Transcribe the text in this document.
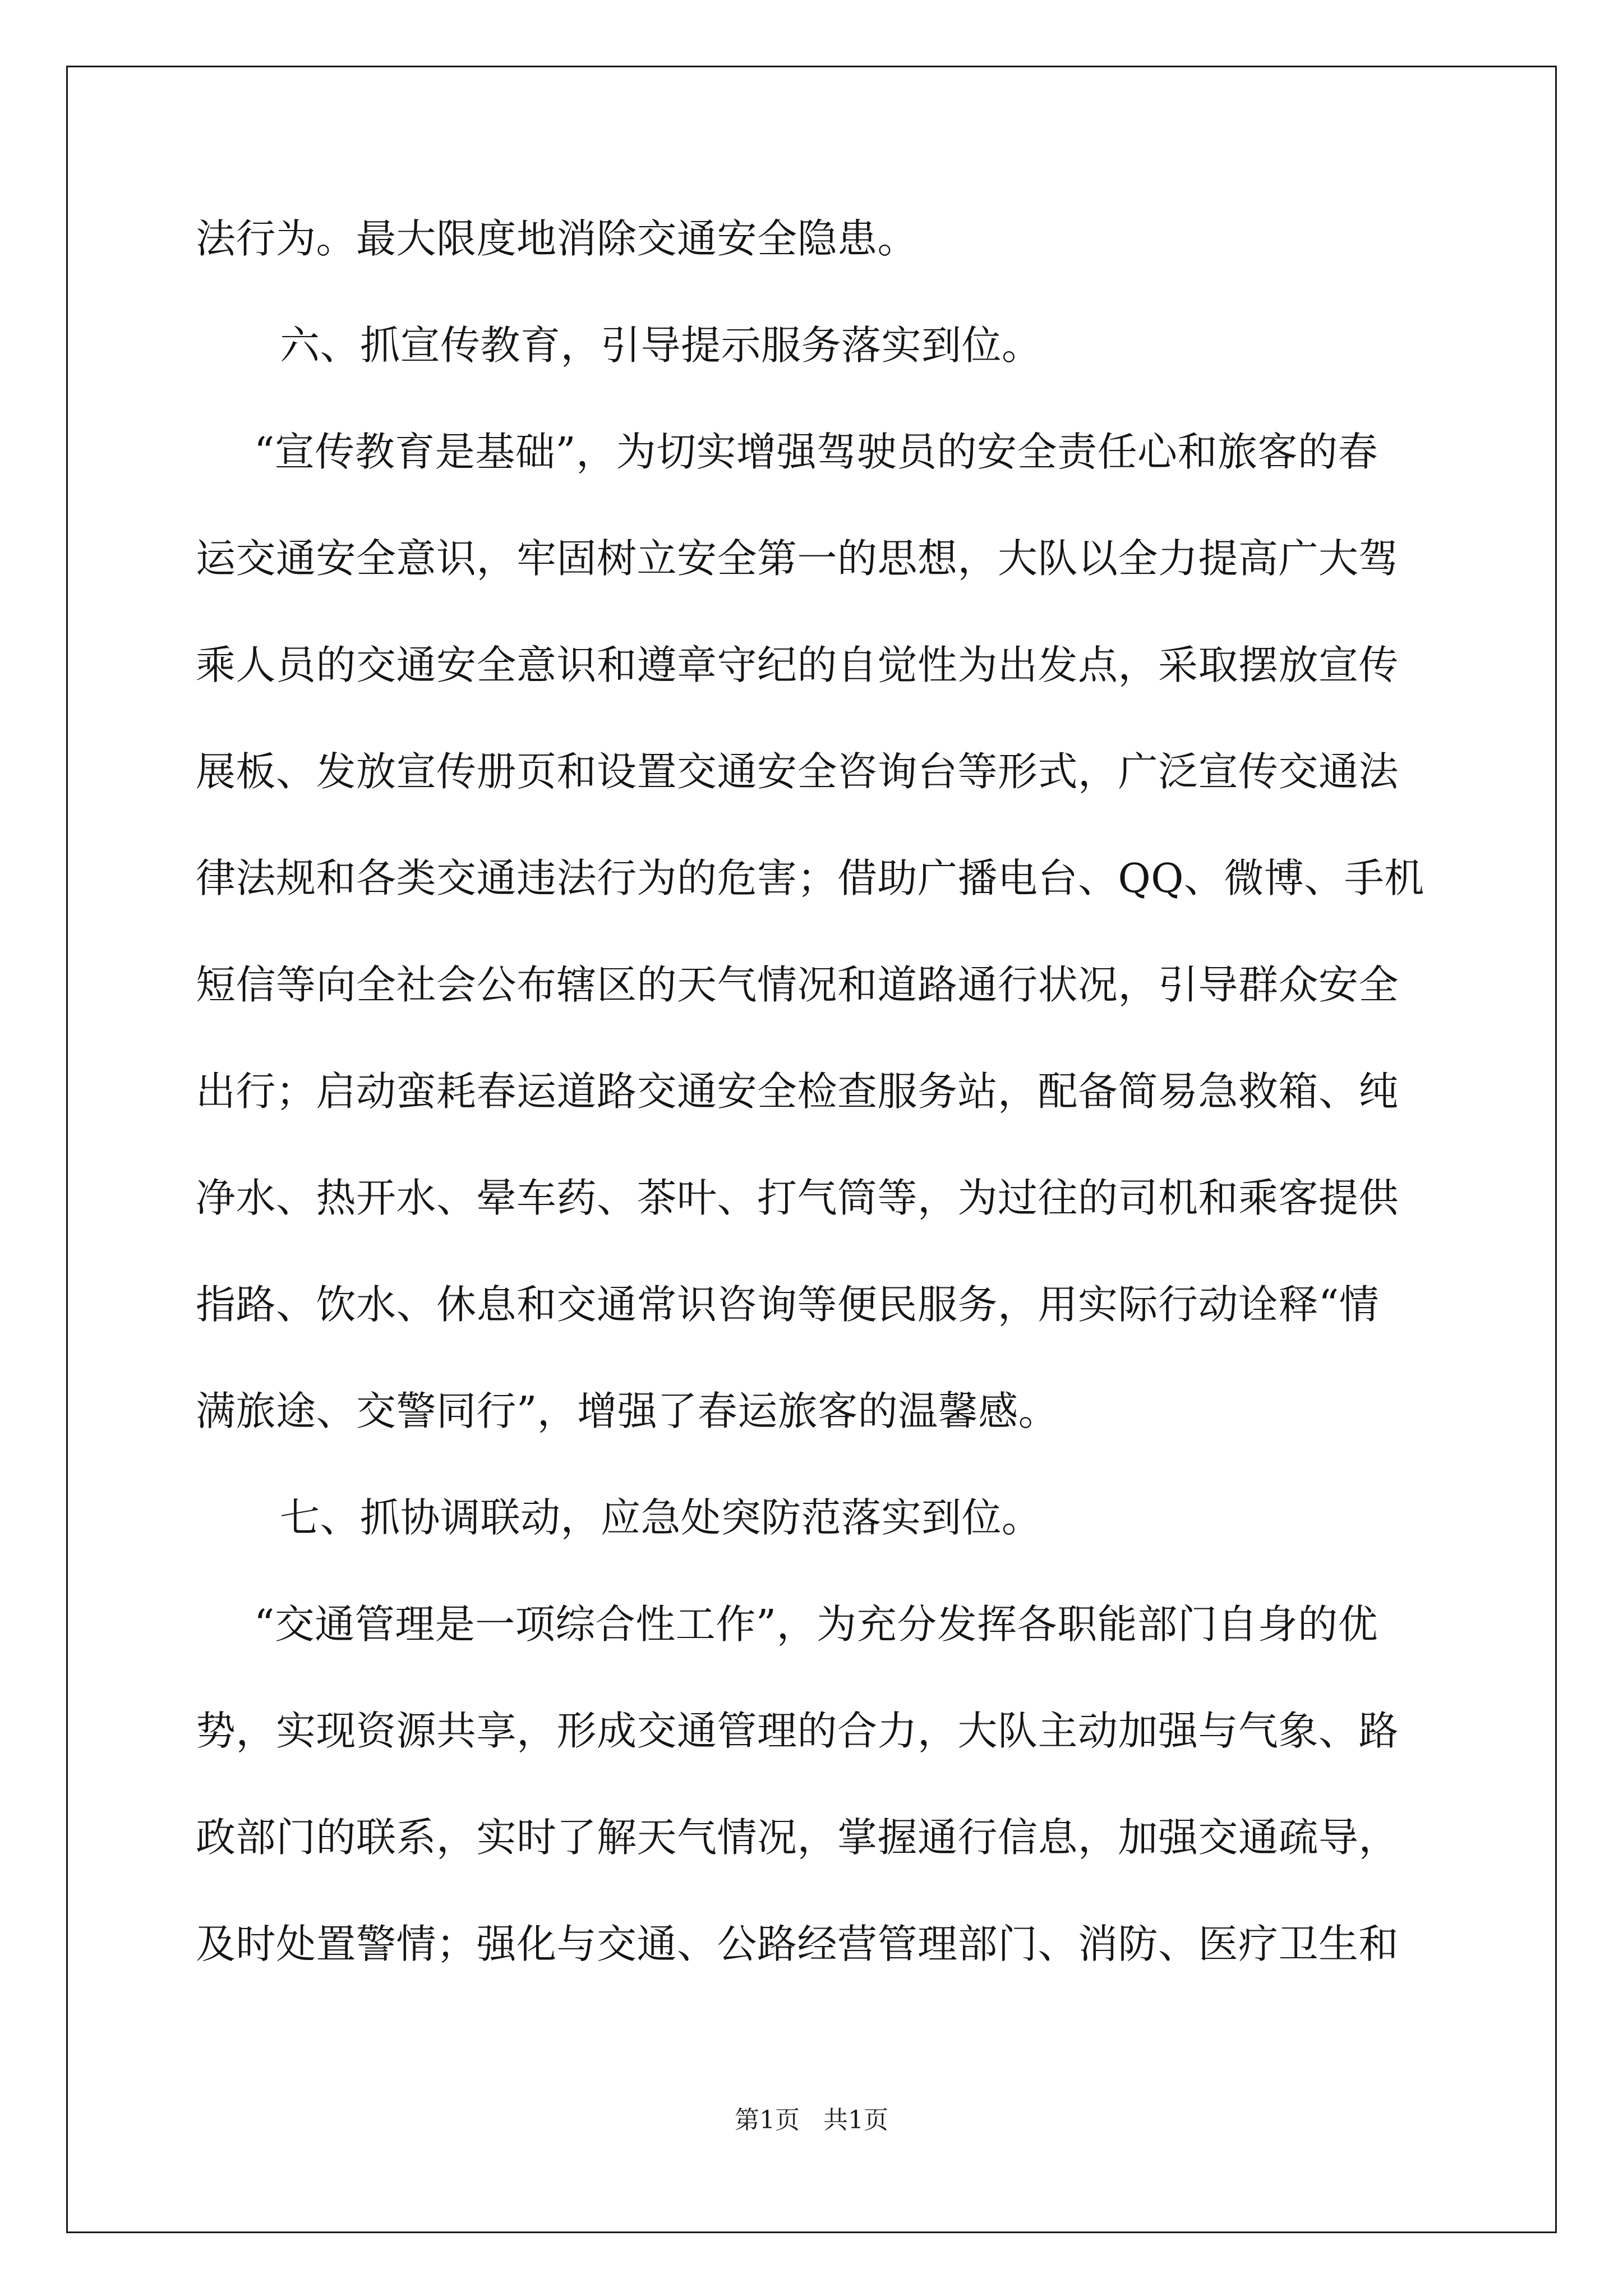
法行为。最大限度地消除交通安全隐患。
六、抓宣传教育，引导提示服务落实到位。
“宣传教育是基础”，为切实增强驾驶员的安全责任心和旅客的春
运交通安全意识，牢固树立安全第一的思想，大队以全力提高广大驾
乘人员的交通安全意识和遵章守纪的自觉性为出发点，采取摆放宣传
展板、发放宣传册页和设置交通安全咨询台等形式，广泛宣传交通法
律法规和各类交通违法行为的危害；借助广播电台、QQ、微博、手机
短信等向全社会公布辖区的天气情况和道路通行状况，引导群众安全
出行；启动蛮耗春运道路交通安全检查服务站，配备简易急救箱、纯
净水、热开水、晕车药、茶叶、打气筒等，为过往的司机和乘客提供
指路、饮水、休息和交通常识咨询等便民服务，用实际行动诠释“情
满旅途、交警同行”，增强了春运旅客的温馨感。
七、抓协调联动，应急处突防范落实到位。
“交通管理是一项综合性工作”，为充分发挥各职能部门自身的优
势，实现资源共享，形成交通管理的合力，大队主动加强与气象、路
政部门的联系，实时了解天气情况，掌握通行信息，加强交通疏导，
及时处置警情；强化与交通、公路经营管理部门、消防、医疗卫生和
第1页 共1页
